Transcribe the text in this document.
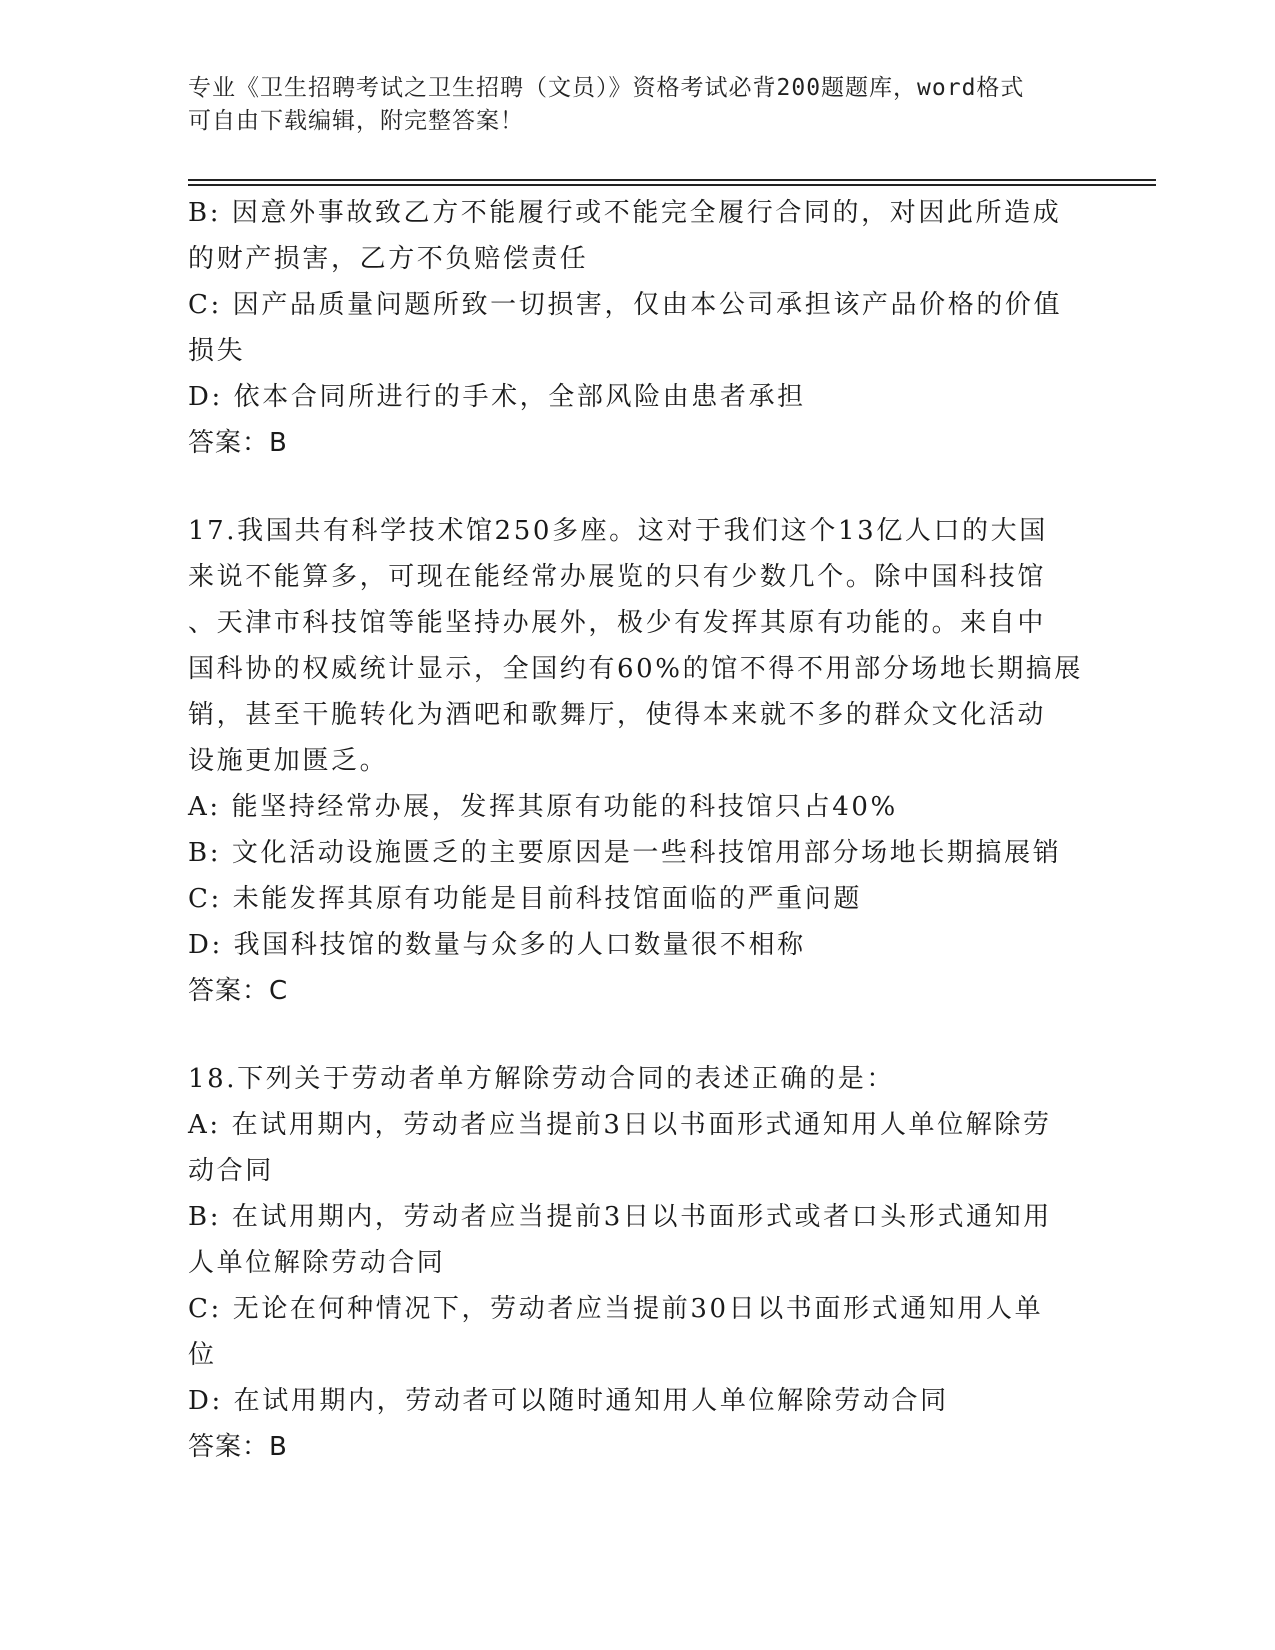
专业《卫生招聘考试之卫生招聘（文员）》资格考试必背200题题库，word格式
可自由下载编辑，附完整答案！
B: 因意外事故致乙方不能履行或不能完全履行合同的，对因此所造成
的财产损害，乙方不负赔偿责任
C: 因产品质量问题所致一切损害，仅由本公司承担该产品价格的价值
损失
D: 依本合同所进行的手术，全部风险由患者承担
答案：B
17.我国共有科学技术馆250多座。这对于我们这个13亿人口的大国
来说不能算多，可现在能经常办展览的只有少数几个。除中国科技馆
、天津市科技馆等能坚持办展外，极少有发挥其原有功能的。来自中
国科协的权威统计显示，全国约有60%的馆不得不用部分场地长期搞展
销，甚至干脆转化为酒吧和歌舞厅，使得本来就不多的群众文化活动
设施更加匮乏。
A: 能坚持经常办展，发挥其原有功能的科技馆只占40%
B: 文化活动设施匮乏的主要原因是一些科技馆用部分场地长期搞展销
C: 未能发挥其原有功能是目前科技馆面临的严重问题
D: 我国科技馆的数量与众多的人口数量很不相称
答案：C
18.下列关于劳动者单方解除劳动合同的表述正确的是：
A: 在试用期内，劳动者应当提前3日以书面形式通知用人单位解除劳
动合同
B: 在试用期内，劳动者应当提前3日以书面形式或者口头形式通知用
人单位解除劳动合同
C: 无论在何种情况下，劳动者应当提前30日以书面形式通知用人单
位
D: 在试用期内，劳动者可以随时通知用人单位解除劳动合同
答案：B
